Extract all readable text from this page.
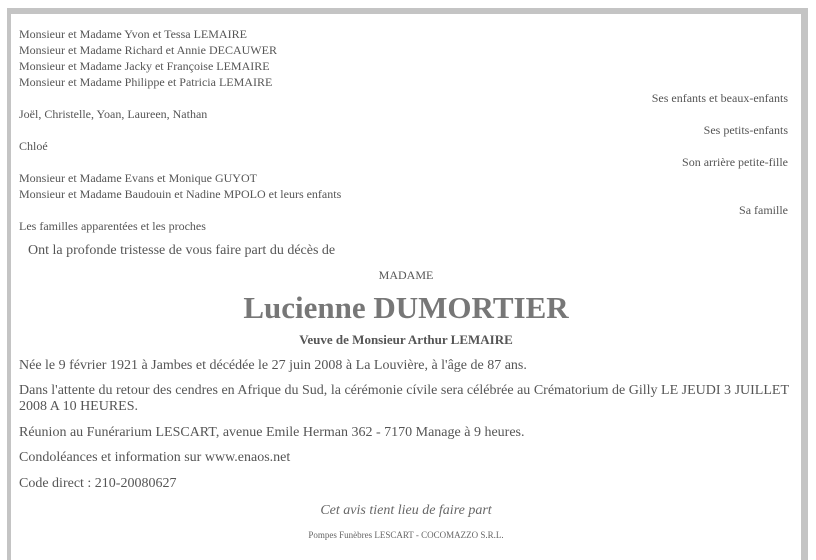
Monsieur et Madame Yvon et Tessa LEMAIRE
Monsieur et Madame Richard et Annie DECAUWER
Monsieur et Madame Jacky et Françoise LEMAIRE
Monsieur et Madame Philippe et Patricia LEMAIRE
Ses enfants et beaux-enfants
Joël, Christelle, Yoan, Laureen, Nathan
Ses petits-enfants
Chloé
Son arrière petite-fille
Monsieur et Madame Evans et Monique GUYOT
Monsieur et Madame Baudouin et Nadine MPOLO et leurs enfants
Sa famille
Les familles apparentées et les proches
Ont la profonde tristesse de vous faire part du décès de
MADAME
Lucienne DUMORTIER
Veuve de Monsieur Arthur LEMAIRE
Née le 9 février 1921 à Jambes et décédée le 27 juin 2008 à La Louvière, à l'âge de 87 ans.
Dans l'attente du retour des cendres en Afrique du Sud, la cérémonie cívile sera célébrée au Crématorium de Gilly LE JEUDI 3 JUILLET 2008 A 10 HEURES.
Réunion au Funérarium LESCART, avenue Emile Herman 362 - 7170 Manage à 9 heures.
Condoléances et information sur www.enaos.net
Code direct : 210-20080627
Cet avis tient lieu de faire part
Pompes Funèbres LESCART - COCOMAZZO S.R.L.
